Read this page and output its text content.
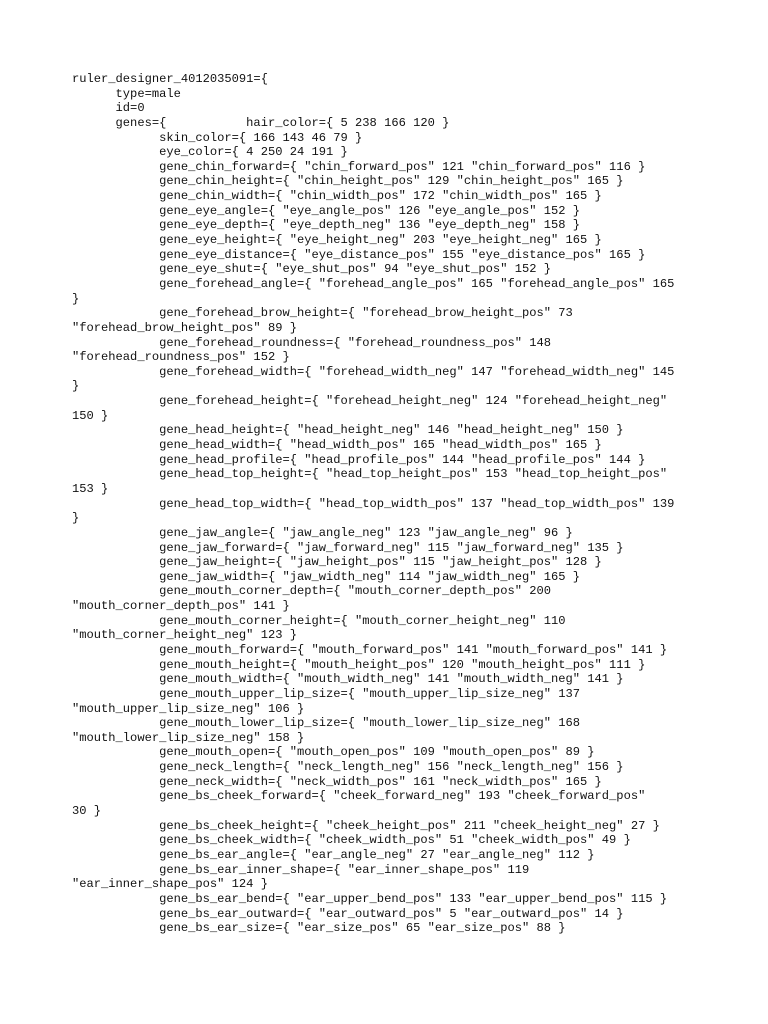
ruler_designer_4012035091={
type=male
id=0
genes={           hair_color={ 5 238 166 120 }
skin_color={ 166 143 46 79 }
eye_color={ 4 250 24 191 }
gene_chin_forward={ "chin_forward_pos" 121 "chin_forward_pos" 116 }
gene_chin_height={ "chin_height_pos" 129 "chin_height_pos" 165 }
gene_chin_width={ "chin_width_pos" 172 "chin_width_pos" 165 }
gene_eye_angle={ "eye_angle_pos" 126 "eye_angle_pos" 152 }
gene_eye_depth={ "eye_depth_neg" 136 "eye_depth_neg" 158 }
gene_eye_height={ "eye_height_neg" 203 "eye_height_neg" 165 }
gene_eye_distance={ "eye_distance_pos" 155 "eye_distance_pos" 165 }
gene_eye_shut={ "eye_shut_pos" 94 "eye_shut_pos" 152 }
gene_forehead_angle={ "forehead_angle_pos" 165 "forehead_angle_pos" 165
}
gene_forehead_brow_height={ "forehead_brow_height_pos" 73
"forehead_brow_height_pos" 89 }
gene_forehead_roundness={ "forehead_roundness_pos" 148
"forehead_roundness_pos" 152 }
gene_forehead_width={ "forehead_width_neg" 147 "forehead_width_neg" 145
}
gene_forehead_height={ "forehead_height_neg" 124 "forehead_height_neg"
150 }
gene_head_height={ "head_height_neg" 146 "head_height_neg" 150 }
gene_head_width={ "head_width_pos" 165 "head_width_pos" 165 }
gene_head_profile={ "head_profile_pos" 144 "head_profile_pos" 144 }
gene_head_top_height={ "head_top_height_pos" 153 "head_top_height_pos"
153 }
gene_head_top_width={ "head_top_width_pos" 137 "head_top_width_pos" 139
}
gene_jaw_angle={ "jaw_angle_neg" 123 "jaw_angle_neg" 96 }
gene_jaw_forward={ "jaw_forward_neg" 115 "jaw_forward_neg" 135 }
gene_jaw_height={ "jaw_height_pos" 115 "jaw_height_pos" 128 }
gene_jaw_width={ "jaw_width_neg" 114 "jaw_width_neg" 165 }
gene_mouth_corner_depth={ "mouth_corner_depth_pos" 200
"mouth_corner_depth_pos" 141 }
gene_mouth_corner_height={ "mouth_corner_height_neg" 110
"mouth_corner_height_neg" 123 }
gene_mouth_forward={ "mouth_forward_pos" 141 "mouth_forward_pos" 141 }
gene_mouth_height={ "mouth_height_pos" 120 "mouth_height_pos" 111 }
gene_mouth_width={ "mouth_width_neg" 141 "mouth_width_neg" 141 }
gene_mouth_upper_lip_size={ "mouth_upper_lip_size_neg" 137
"mouth_upper_lip_size_neg" 106 }
gene_mouth_lower_lip_size={ "mouth_lower_lip_size_neg" 168
"mouth_lower_lip_size_neg" 158 }
gene_mouth_open={ "mouth_open_pos" 109 "mouth_open_pos" 89 }
gene_neck_length={ "neck_length_neg" 156 "neck_length_neg" 156 }
gene_neck_width={ "neck_width_pos" 161 "neck_width_pos" 165 }
gene_bs_cheek_forward={ "cheek_forward_neg" 193 "cheek_forward_pos"
30 }
gene_bs_cheek_height={ "cheek_height_pos" 211 "cheek_height_neg" 27 }
gene_bs_cheek_width={ "cheek_width_pos" 51 "cheek_width_pos" 49 }
gene_bs_ear_angle={ "ear_angle_neg" 27 "ear_angle_neg" 112 }
gene_bs_ear_inner_shape={ "ear_inner_shape_pos" 119
"ear_inner_shape_pos" 124 }
gene_bs_ear_bend={ "ear_upper_bend_pos" 133 "ear_upper_bend_pos" 115 }
gene_bs_ear_outward={ "ear_outward_pos" 5 "ear_outward_pos" 14 }
gene_bs_ear_size={ "ear_size_pos" 65 "ear_size_pos" 88 }
